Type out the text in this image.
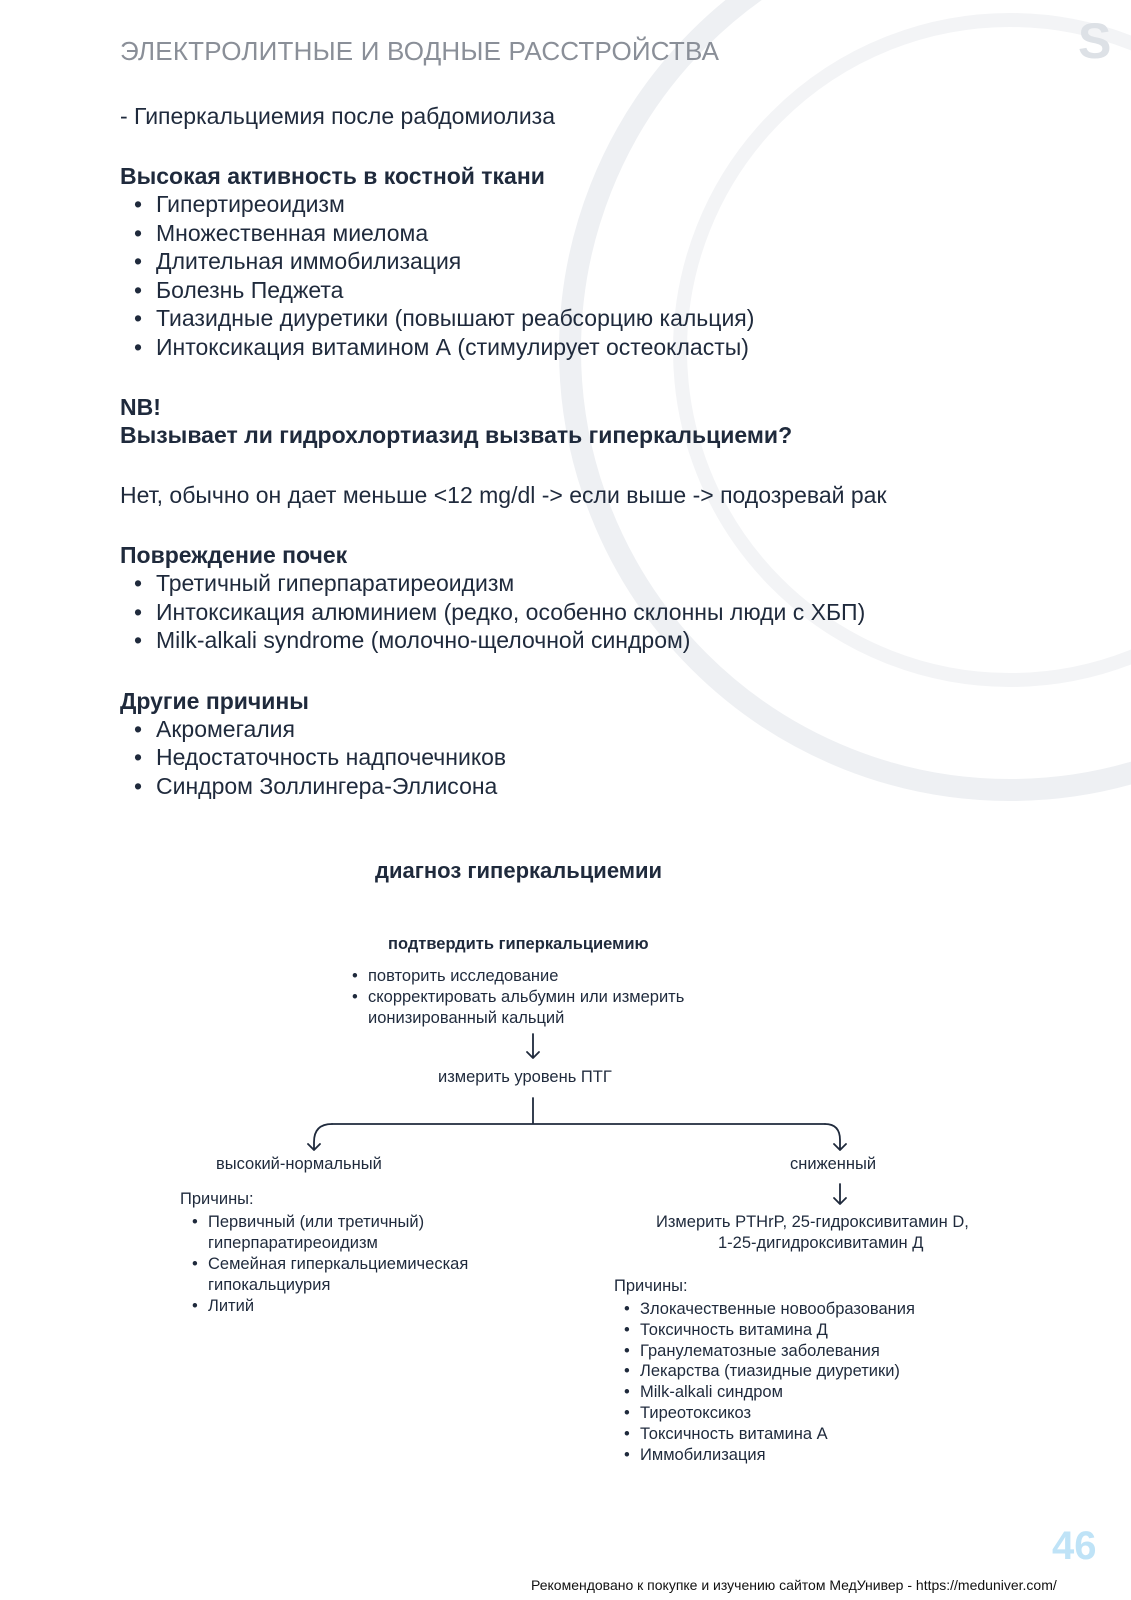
ЭЛЕКТРОЛИТНЫЕ И ВОДНЫЕ РАССТРОЙСТВА	S

- Гиперкальциемия после рабдомиолиза

Высокая активность в костной ткани

• Гипертиреоидизм
• Множественная миелома
• Длительная иммобилизация
• Болезнь Педжета
• Тиазидные диуретики (повышают реабсорцию кальция)
• Интоксикация витамином А (стимулирует остеокласты)

NB!

Вызывает ли гидрохлортиазид вызвать гиперкальциеми?

Нет, обычно он дает меньше <12 mg/dl -> если выше -> подозревай рак

Повреждение почек

• Третичный гиперпаратиреоидизм
• Интоксикация алюминием (редко, особенно склонны люди с ХБП)
• Milk-alkali syndrome (молочно-щелочной синдром)

Другие причины

• Акромегалия
• Недостаточность надпочечников
• Синдром Золлингера-Эллисона
диагноз гиперкальциемии
подтвердить гиперкальциемию
• повторить исследование
• скорректировать альбумин или измерить
ионизированный кальций
измерить уровень ПТГ
высокий-нормальный	сниженный
Причины:
• Первичный (или третичный)
гиперпаратиреоидизм
• Семейная гиперкальциемическая
гипокальциурия
• Литий
Измерить PTHrP, 25-гидроксивитамин D,
1-25-дигидроксивитамин Д
Причины:
• Злокачественные новообразования
• Токсичность витамина Д
• Гранулематозные заболевания
• Лекарства (тиазидные диуретики)
• Milk-alkali синдром
• Тиреотоксикоз
• Токсичность витамина А
• Иммобилизация
46
Рекомендовано к покупке и изучению сайтом МедУнивер - https://meduniver.com/
